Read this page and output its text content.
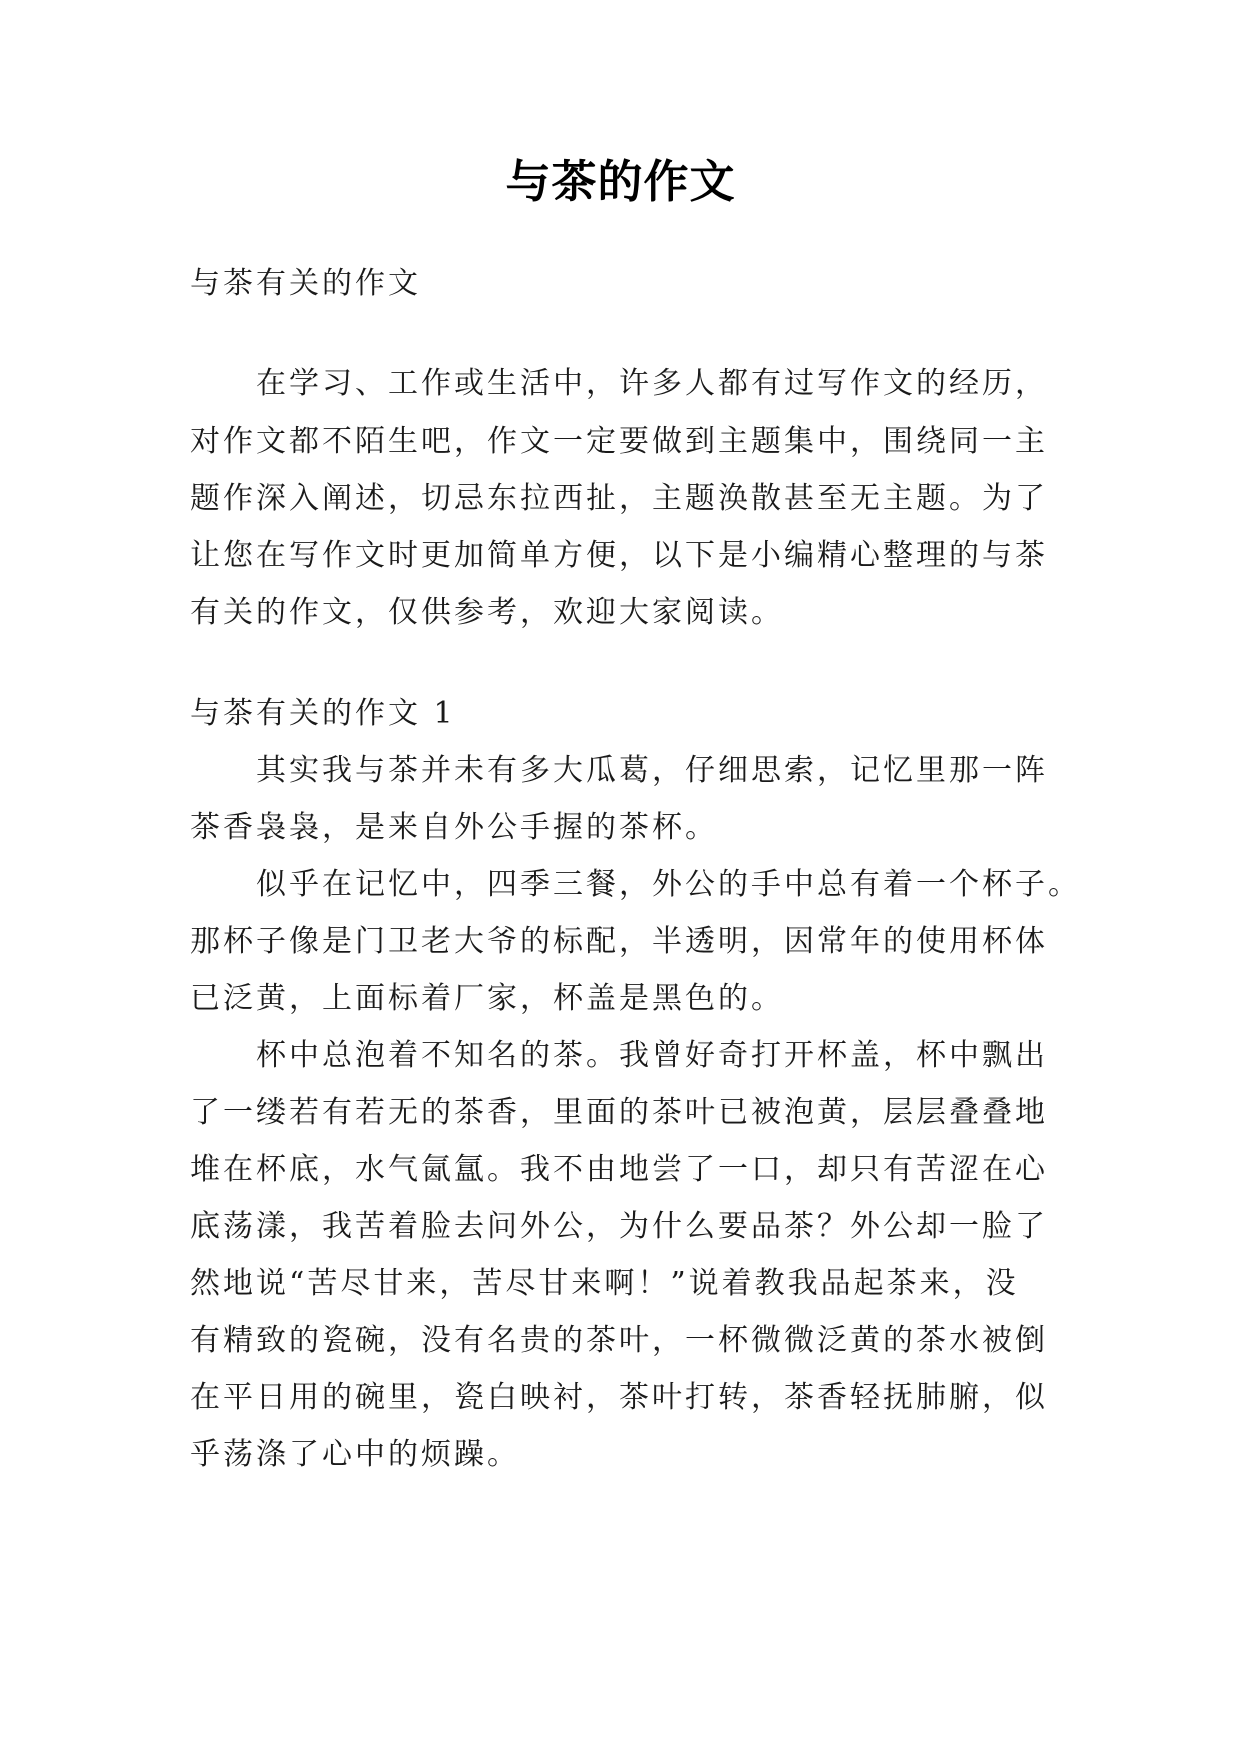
与茶的作文
与茶有关的作文
在学习、工作或生活中，许多人都有过写作文的经历，
对作文都不陌生吧，作文一定要做到主题集中，围绕同一主
题作深入阐述，切忌东拉西扯，主题涣散甚至无主题。为了
让您在写作文时更加简单方便，以下是小编精心整理的与茶
有关的作文，仅供参考，欢迎大家阅读。
与茶有关的作文 1
其实我与茶并未有多大瓜葛，仔细思索，记忆里那一阵
茶香袅袅，是来自外公手握的茶杯。
似乎在记忆中，四季三餐，外公的手中总有着一个杯子。
那杯子像是门卫老大爷的标配，半透明，因常年的使用杯体
已泛黄，上面标着厂家，杯盖是黑色的。
杯中总泡着不知名的茶。我曾好奇打开杯盖，杯中飘出
了一缕若有若无的茶香，里面的茶叶已被泡黄，层层叠叠地
堆在杯底，水气氤氲。我不由地尝了一口，却只有苦涩在心
底荡漾，我苦着脸去问外公，为什么要品茶？外公却一脸了
然地说“苦尽甘来，苦尽甘来啊！”说着教我品起茶来，没
有精致的瓷碗，没有名贵的茶叶，一杯微微泛黄的茶水被倒
在平日用的碗里，瓷白映衬，茶叶打转，茶香轻抚肺腑，似
乎荡涤了心中的烦躁。
